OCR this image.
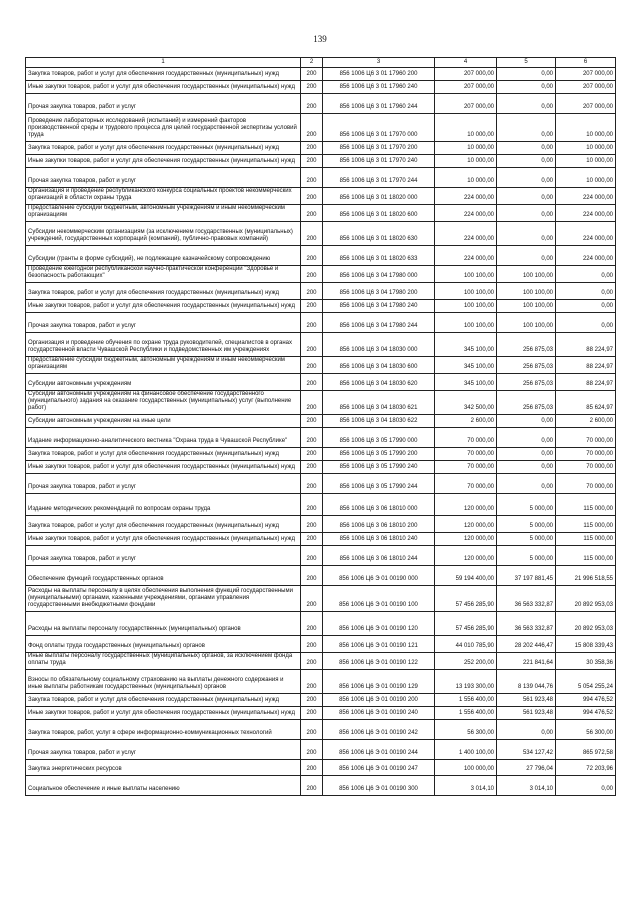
139
1	2	3	4	5	6
Закупка товаров, работ и услуг для обеспечения государственных (муниципальных) нужд	200	856 1006 Ц6 3 01 17960 200	207 000,00	0,00	207 000,00
Иные закупки товаров, работ и услуг для обеспечения государственных (муниципальных) нужд	200	856 1006 Ц6 3 01 17960 240	207 000,00	0,00	207 000,00
Прочая закупка товаров, работ и услуг	200	856 1006 Ц6 3 01 17960 244	207 000,00	0,00	207 000,00
Проведение лабораторных исследований (испытаний) и измерений факторов производственной среды и трудового процесса для целей государственной экспертизы условий труда	200	856 1006 Ц6 3 01 17970 000	10 000,00	0,00	10 000,00
Закупка товаров, работ и услуг для обеспечения государственных (муниципальных) нужд	200	856 1006 Ц6 3 01 17970 200	10 000,00	0,00	10 000,00
Иные закупки товаров, работ и услуг для обеспечения государственных (муниципальных) нужд	200	856 1006 Ц6 3 01 17970 240	10 000,00	0,00	10 000,00
Прочая закупка товаров, работ и услуг	200	856 1006 Ц6 3 01 17970 244	10 000,00	0,00	10 000,00
Организация и проведение республиканского конкурса социальных проектов некоммерческих организаций в области охраны труда	200	856 1006 Ц6 3 01 18020 000	224 000,00	0,00	224 000,00
Предоставление субсидий бюджетным, автономным учреждениям и иным некоммерческим организациям	200	856 1006 Ц6 3 01 18020 600	224 000,00	0,00	224 000,00
Субсидии некоммерческим организациям (за исключением государственных (муниципальных) учреждений, государственных корпораций (компаний), публично-правовых компаний)	200	856 1006 Ц6 3 01 18020 630	224 000,00	0,00	224 000,00
Субсидии (гранты в форме субсидий), не подлежащие казначейскому сопровождению	200	856 1006 Ц6 3 01 18020 633	224 000,00	0,00	224 000,00
Проведение ежегодной республиканской научно-практической конференции "Здоровье и безопасность работающих"	200	856 1006 Ц6 3 04 17980 000	100 100,00	100 100,00	0,00
Закупка товаров, работ и услуг для обеспечения государственных (муниципальных) нужд	200	856 1006 Ц6 3 04 17980 200	100 100,00	100 100,00	0,00
Иные закупки товаров, работ и услуг для обеспечения государственных (муниципальных) нужд	200	856 1006 Ц6 3 04 17980 240	100 100,00	100 100,00	0,00
Прочая закупка товаров, работ и услуг	200	856 1006 Ц6 3 04 17980 244	100 100,00	100 100,00	0,00
Организация и проведение обучения по охране труда руководителей, специалистов в органах государственной власти Чувашской Республики и подведомственных им учреждениях	200	856 1006 Ц6 3 04 18030 000	345 100,00	256 875,03	88 224,97
Предоставление субсидий бюджетным, автономным учреждениям и иным некоммерческим организациям	200	856 1006 Ц6 3 04 18030 600	345 100,00	256 875,03	88 224,97
Субсидии автономным учреждениям	200	856 1006 Ц6 3 04 18030 620	345 100,00	256 875,03	88 224,97
Субсидии автономным учреждениям на финансовое обеспечение государственного (муниципального) задания на оказание государственных (муниципальных) услуг (выполнение работ)	200	856 1006 Ц6 3 04 18030 621	342 500,00	256 875,03	85 624,97
Субсидии автономным учреждениям на иные цели	200	856 1006 Ц6 3 04 18030 622	2 600,00	0,00	2 600,00
Издание информационно-аналитического вестника "Охрана труда в Чувашской Республике"	200	856 1006 Ц6 3 05 17990 000	70 000,00	0,00	70 000,00
Закупка товаров, работ и услуг для обеспечения государственных (муниципальных) нужд	200	856 1006 Ц6 3 05 17990 200	70 000,00	0,00	70 000,00
Иные закупки товаров, работ и услуг для обеспечения государственных (муниципальных) нужд	200	856 1006 Ц6 3 05 17990 240	70 000,00	0,00	70 000,00
Прочая закупка товаров, работ и услуг	200	856 1006 Ц6 3 05 17990 244	70 000,00	0,00	70 000,00
Издание методических рекомендаций по вопросам охраны труда	200	856 1006 Ц6 3 06 18010 000	120 000,00	5 000,00	115 000,00
Закупка товаров, работ и услуг для обеспечения государственных (муниципальных) нужд	200	856 1006 Ц6 3 06 18010 200	120 000,00	5 000,00	115 000,00
Иные закупки товаров, работ и услуг для обеспечения государственных (муниципальных) нужд	200	856 1006 Ц6 3 06 18010 240	120 000,00	5 000,00	115 000,00
Прочая закупка товаров, работ и услуг	200	856 1006 Ц6 3 06 18010 244	120 000,00	5 000,00	115 000,00
Обеспечение функций государственных органов	200	856 1006 Ц6 Э 01 00190 000	59 194 400,00	37 197 881,45	21 996 518,55
Расходы на выплаты персоналу в целях обеспечения выполнения функций государственными (муниципальными) органами, казенными учреждениями, органами управления государственными внебюджетными фондами	200	856 1006 Ц6 Э 01 00190 100	57 456 285,90	36 563 332,87	20 892 953,03
Расходы на выплаты персоналу государственных (муниципальных) органов	200	856 1006 Ц6 Э 01 00190 120	57 456 285,90	36 563 332,87	20 892 953,03
Фонд оплаты труда государственных (муниципальных) органов	200	856 1006 Ц6 Э 01 00190 121	44 010 785,90	28 202 446,47	15 808 339,43
Иные выплаты персоналу государственных (муниципальных) органов, за исключением фонда оплаты труда	200	856 1006 Ц6 Э 01 00190 122	252 200,00	221 841,64	30 358,36
Взносы по обязательному социальному страхованию на выплаты денежного содержания и иные выплаты работникам государственных (муниципальных) органов	200	856 1006 Ц6 Э 01 00190 129	13 193 300,00	8 139 044,76	5 054 255,24
Закупка товаров, работ и услуг для обеспечения государственных (муниципальных) нужд	200	856 1006 Ц6 Э 01 00190 200	1 556 400,00	561 923,48	994 476,52
Иные закупки товаров, работ и услуг для обеспечения государственных (муниципальных) нужд	200	856 1006 Ц6 Э 01 00190 240	1 556 400,00	561 923,48	994 476,52
Закупка товаров, работ, услуг в сфере информационно-коммуникационных технологий	200	856 1006 Ц6 Э 01 00190 242	56 300,00	0,00	56 300,00
Прочая закупка товаров, работ и услуг	200	856 1006 Ц6 Э 01 00190 244	1 400 100,00	534 127,42	865 972,58
Закупка энергетических ресурсов	200	856 1006 Ц6 Э 01 00190 247	100 000,00	27 796,04	72 203,96
Социальное обеспечение и иные выплаты населению	200	856 1006 Ц6 Э 01 00190 300	3 014,10	3 014,10	0,00
